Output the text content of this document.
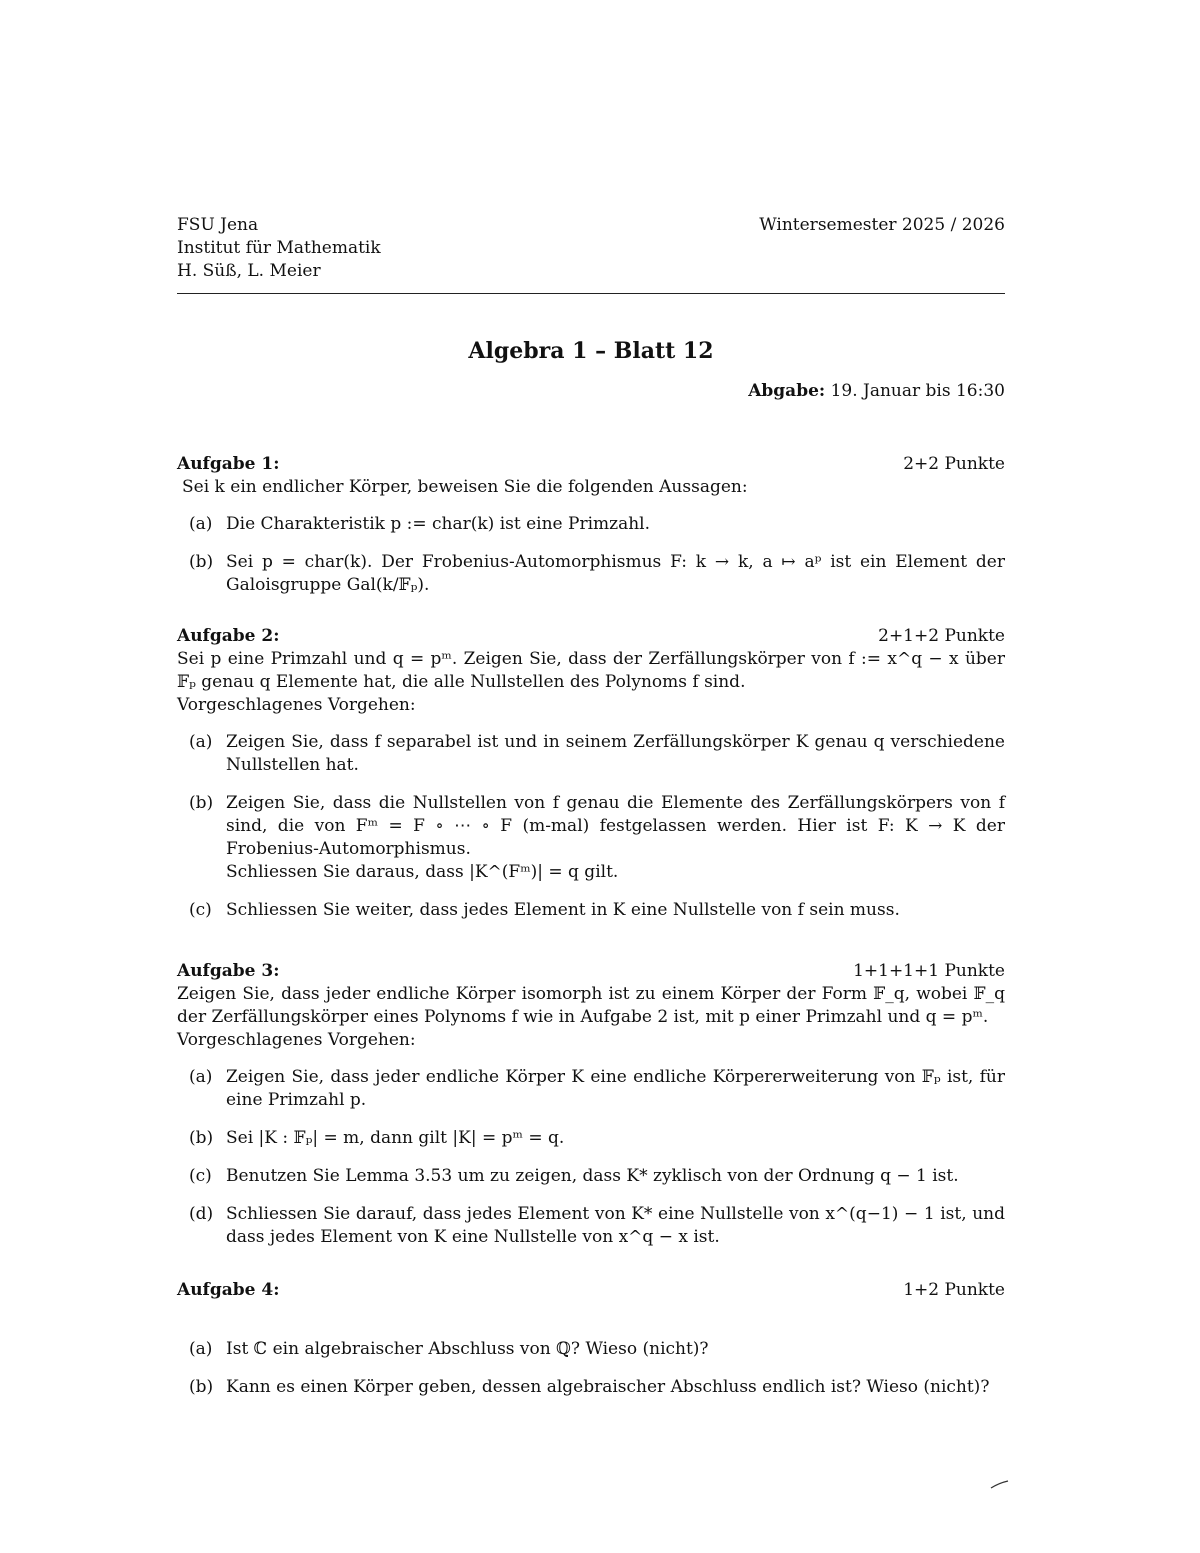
FSU Jena
Institut für Mathematik
H. Süß, L. Meier
Wintersemester 2025 / 2026
Algebra 1 – Blatt 12
Abgabe: 19. Januar bis 16:30
Aufgabe 1:	2+2 Punkte
Sei k ein endlicher Körper, beweisen Sie die folgenden Aussagen:
(a) Die Charakteristik p := char(k) ist eine Primzahl.
(b) Sei p = char(k). Der Frobenius-Automorphismus F: k → k, a ↦ aᵖ ist ein Element der Galoisgruppe Gal(k/𝔽ₚ).
Aufgabe 2:	2+1+2 Punkte
Sei p eine Primzahl und q = pᵐ. Zeigen Sie, dass der Zerfällungskörper von f := x^q − x über 𝔽ₚ genau q Elemente hat, die alle Nullstellen des Polynoms f sind.
Vorgeschlagenes Vorgehen:
(a) Zeigen Sie, dass f separabel ist und in seinem Zerfällungskörper K genau q verschiedene Nullstellen hat.
(b) Zeigen Sie, dass die Nullstellen von f genau die Elemente des Zerfällungskörpers von f sind, die von Fᵐ = F ∘ ⋯ ∘ F (m-mal) festgelassen werden. Hier ist F: K → K der Frobenius-Automorphismus.
Schliessen Sie daraus, dass |K^(Fᵐ)| = q gilt.
(c) Schliessen Sie weiter, dass jedes Element in K eine Nullstelle von f sein muss.
Aufgabe 3:	1+1+1+1 Punkte
Zeigen Sie, dass jeder endliche Körper isomorph ist zu einem Körper der Form 𝔽_q, wobei 𝔽_q der Zerfällungskörper eines Polynoms f wie in Aufgabe 2 ist, mit p einer Primzahl und q = pᵐ.
Vorgeschlagenes Vorgehen:
(a) Zeigen Sie, dass jeder endliche Körper K eine endliche Körpererweiterung von 𝔽ₚ ist, für eine Primzahl p.
(b) Sei |K : 𝔽ₚ| = m, dann gilt |K| = pᵐ = q.
(c) Benutzen Sie Lemma 3.53 um zu zeigen, dass K* zyklisch von der Ordnung q − 1 ist.
(d) Schliessen Sie darauf, dass jedes Element von K* eine Nullstelle von x^(q−1) − 1 ist, und dass jedes Element von K eine Nullstelle von x^q − x ist.
Aufgabe 4:	1+2 Punkte
(a) Ist ℂ ein algebraischer Abschluss von ℚ? Wieso (nicht)?
(b) Kann es einen Körper geben, dessen algebraischer Abschluss endlich ist? Wieso (nicht)?
